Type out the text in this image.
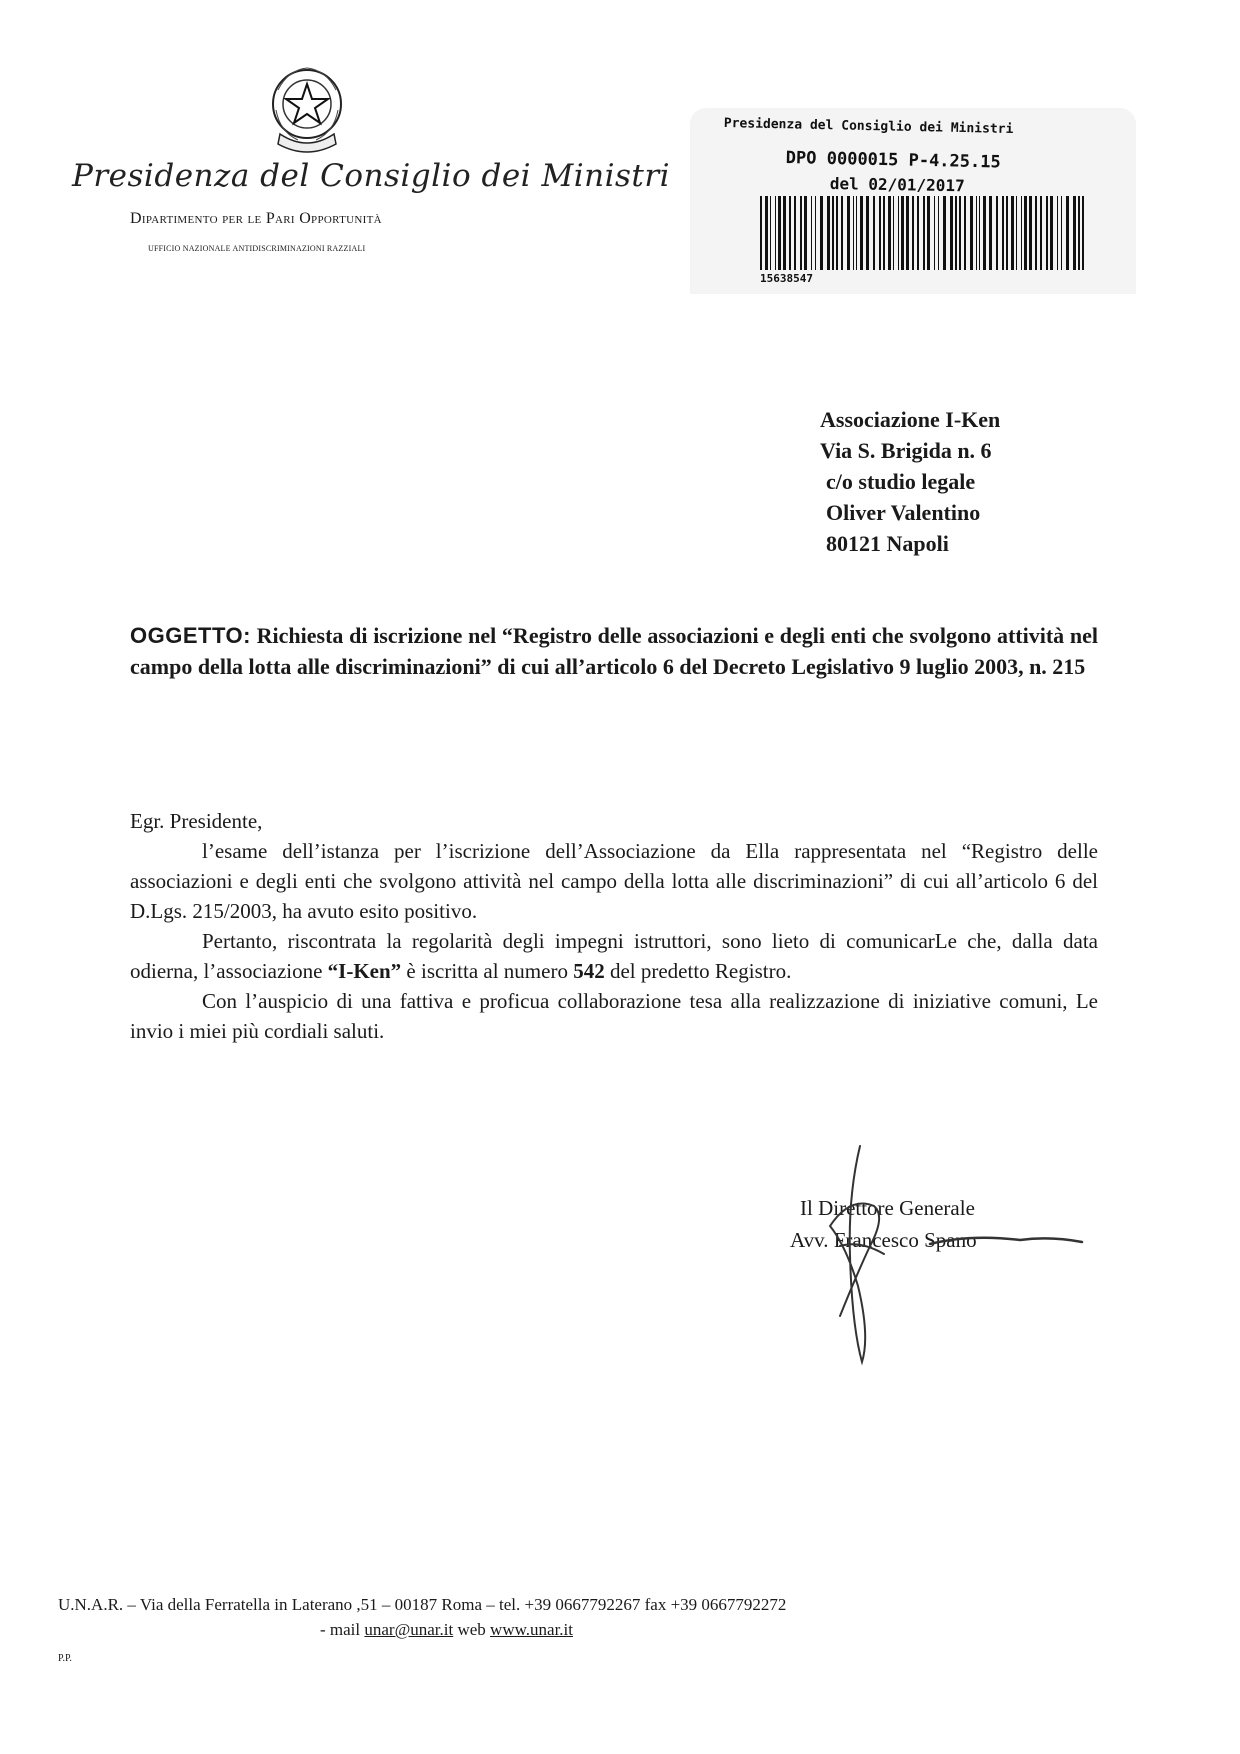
Presidenza del Consiglio dei Ministri
Dipartimento per le Pari Opportunità
UFFICIO NAZIONALE ANTIDISCRIMINAZIONI RAZZIALI
Presidenza del Consiglio dei Ministri
DPO 0000015 P-4.25.15
del 02/01/2017
15638547
Associazione I-Ken
Via S. Brigida n. 6
c/o studio legale
Oliver Valentino
80121 Napoli
OGGETTO: Richiesta di iscrizione nel “Registro delle associazioni e degli enti che svolgono attività nel campo della lotta alle discriminazioni” di cui all’articolo 6 del Decreto Legislativo 9 luglio 2003, n. 215

Egr. Presidente,

l’esame dell’istanza per l’iscrizione dell’Associazione da Ella rappresentata nel “Registro delle associazioni e degli enti che svolgono attività nel campo della lotta alle discriminazioni” di cui all’articolo 6 del D.Lgs. 215/2003, ha avuto esito positivo.

Pertanto, riscontrata la regolarità degli impegni istruttori, sono lieto di comunicarLe che, dalla data odierna, l’associazione “I-Ken” è iscritta al numero 542 del predetto Registro.

Con l’auspicio di una fattiva e proficua collaborazione tesa alla realizzazione di iniziative comuni, Le invio i miei più cordiali saluti.

Il Direttore Generale
Avv. Francesco Spano
U.N.A.R. – Via della Ferratella in Laterano ,51 – 00187 Roma – tel. +39 0667792267 fax +39 0667792272
- mail unar@unar.it web www.unar.it
P.P.
